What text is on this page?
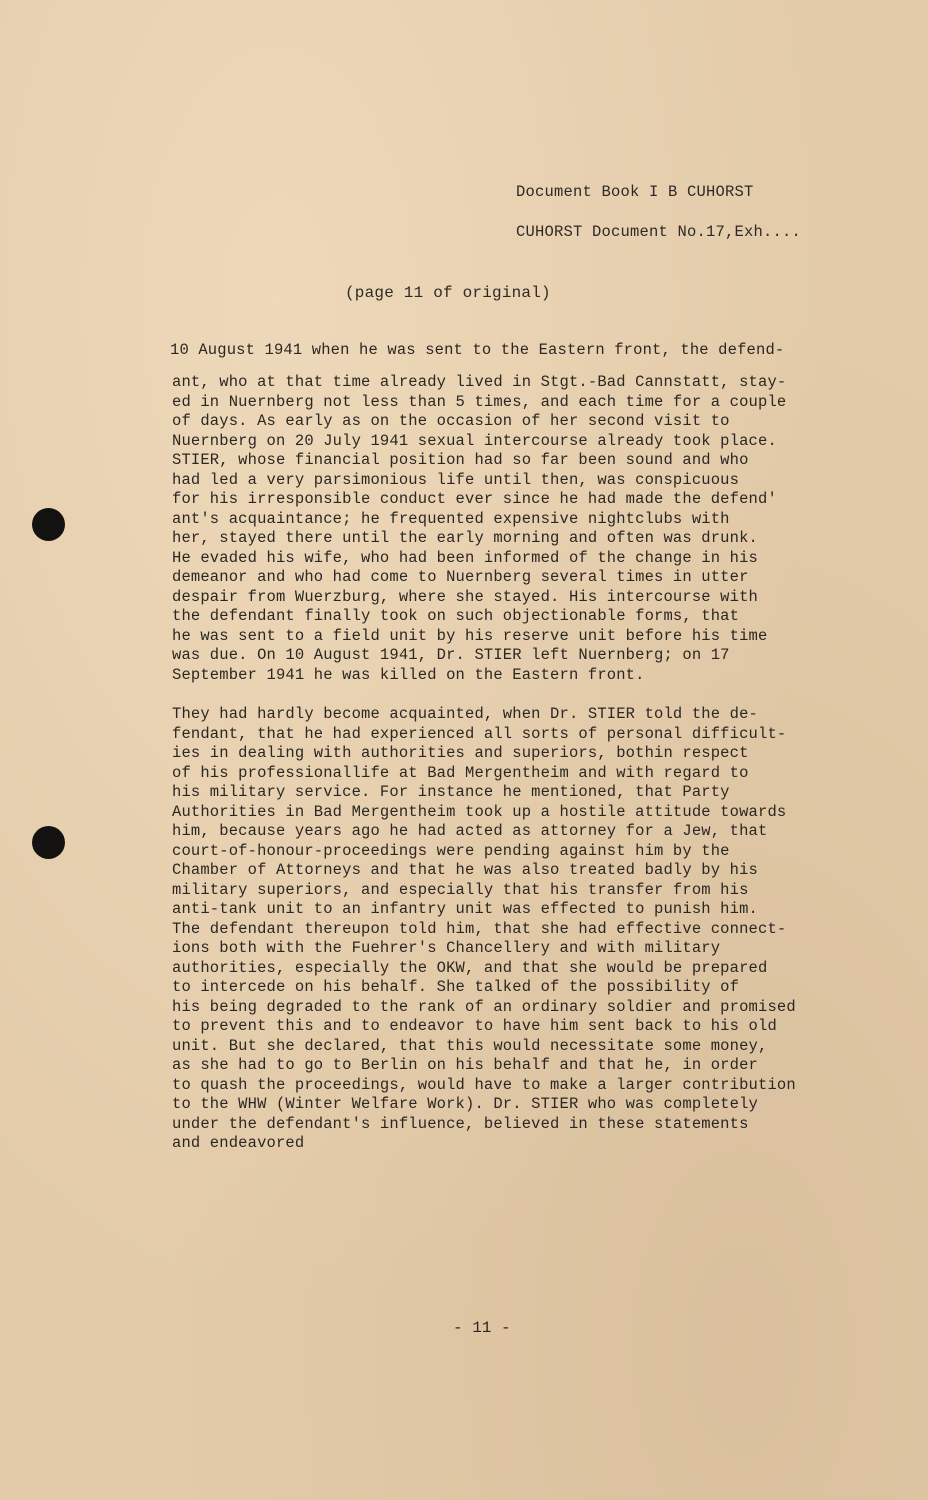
Document Book I B CUHORST
CUHORST Document No.17,Exh....
(page 11 of original)
10 August 1941 when he was sent to the Eastern front, the defend-
ant, who at that time already lived in Stgt.-Bad Cannstatt, stay-
ed in Nuernberg not less than 5 times, and each time for a couple
of days. As early as on the occasion of her second visit to
Nuernberg on 20 July 1941 sexual intercourse already took place.
STIER, whose financial position had so far been sound and who
had led a very parsimonious life until then, was conspicuous
for his irresponsible conduct ever since he had made the defend'
ant's acquaintance; he frequented expensive nightclubs with
her, stayed there until the early morning and often was drunk.
He evaded his wife, who had been informed of the change in his
demeanor and who had come to Nuernberg several times in utter
despair from Wuerzburg, where she stayed. His intercourse with
the defendant finally took on such objectionable forms, that
he was sent to a field unit by his reserve unit before his time
was due. On 10 August 1941, Dr. STIER left Nuernberg; on 17
September 1941 he was killed on the Eastern front.
They had hardly become acquainted, when Dr. STIER told the de-
fendant, that he had experienced all sorts of personal difficult-
ies in dealing with authorities and superiors, bothin respect
of his professionallife at Bad Mergentheim and with regard to
his military service. For instance he mentioned, that Party
Authorities in Bad Mergentheim took up a hostile attitude towards
him, because years ago he had acted as attorney for a Jew, that
court-of-honour-proceedings were pending against him by the
Chamber of Attorneys and that he was also treated badly by his
military superiors, and especially that his transfer from his
anti-tank unit to an infantry unit was effected to punish him.
The defendant thereupon told him, that she had effective connect-
ions both with the Fuehrer's Chancellery and with military
authorities, especially the OKW, and that she would be prepared
to intercede on his behalf. She talked of the possibility of
his being degraded to the rank of an ordinary soldier and promised
to prevent this and to endeavor to have him sent back to his old
unit. But she declared, that this would necessitate some money,
as she had to go to Berlin on his behalf and that he, in order
to quash the proceedings, would have to make a larger contribution
to the WHW (Winter Welfare Work). Dr. STIER who was completely
under the defendant's influence, believed in these statements
and endeavored
- 11 -
